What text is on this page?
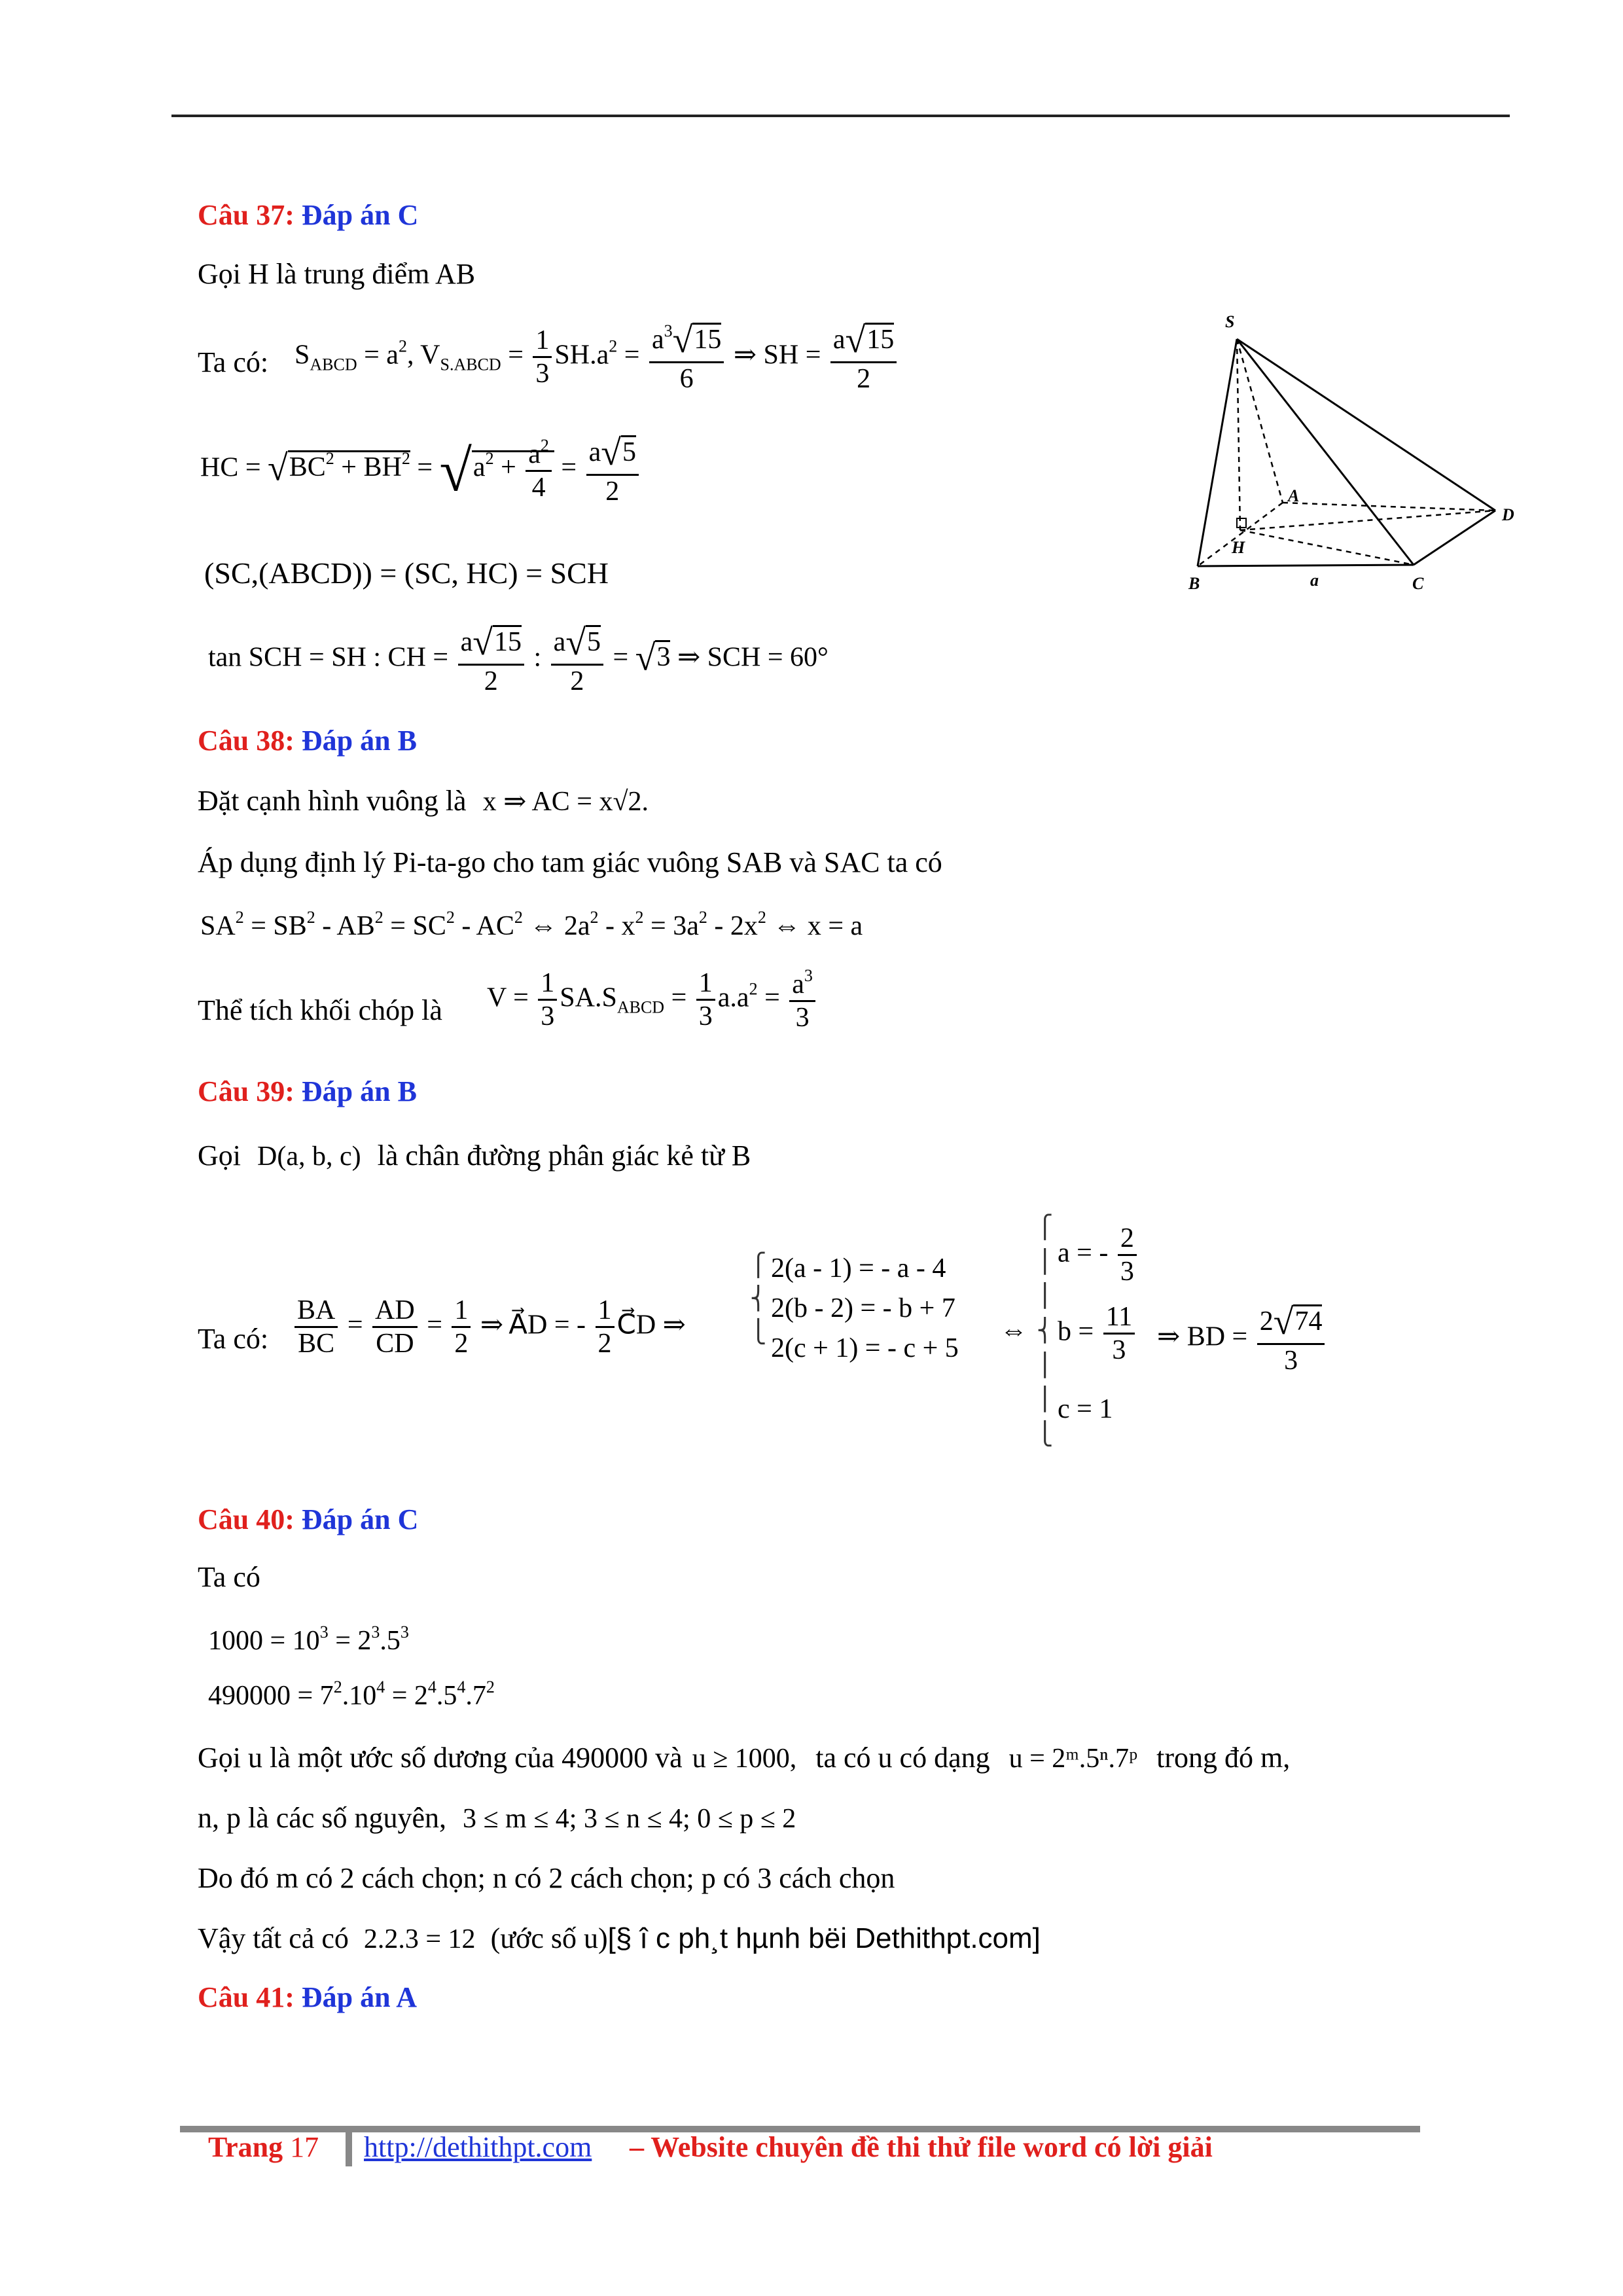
Câu 37: Đáp án C
Gọi H là trung điểm AB
Ta có: $S_{ABCD} = a^2$, $V_{S.ABCD} = \frac{1}{3} SH.a^2 = \frac{a^3√15}{6}$ ⇒ SH = $\frac{a√15}{2}$
HC = $√BC^2 + BH^2 = √a^2 + \frac{a^2}{4} = \frac{a√5}{2}$
(SC,(ABCD)) = (SC, HC) = SCH
tan SCH = SH : CH = $\frac{a√15}{2}$ : $\frac{a√5}{2} = √3$ ⇒ SCH = 60°
S
A
D
H
B	a	C
Câu 38: Đáp án B
Đặt cạnh hình vuông là x ⇒ AC = x√2.
Áp dụng định lý Pi-ta-go cho tam giác vuông SAB và SAC ta có
$SA^2 = SB^2 - AB^2 = SC^2 - AC^2$ ⇔ $2a^2 - x^2 = 3a^2 - 2x^2$ ⇔ x = a
Thể tích khối chóp là $V = \frac{1}{3} SA.S_{ABCD} = \frac{1}{3} a.a^2 = \frac{a^3}{3}$
Câu 39: Đáp án B
Gọi D(a, b, c) là chân đường phân giác kẻ từ B
Ta có: $\frac{BA}{BC} = \frac{AD}{CD} = \frac{1}{2}$ ⇒ A⃗D = - $\frac{1}{2}$ C⃗D ⇒
⎧
⎨
⎩
2(a - 1) = - a - 4
2(b - 2) = - b + 7
2(c + 1) = - c + 5
⇔
⎧
⎪
⎪
⎨
⎪
⎪
⎩
a = - $\frac{2}{3}$
$b = \frac{11}{3}$
c = 1
⇒ BD = $\frac{2√74}{3}$
Câu 40: Đáp án C
Ta có
$1000 = 10^3 = 2^3.5^3$
$490000 = 7^2.10^4 = 2^4.5^4.7^2$
Gọi u là một ước số dương của 490000 và u ≥ 1000, ta có u có dạng u = 2ᵐ.5ⁿ.7ᵖ trong đó m,
n, p là các số nguyên, 3 ≤ m ≤ 4; 3 ≤ n ≤ 4; 0 ≤ p ≤ 2
Do đó m có 2 cách chọn; n có 2 cách chọn; p có 3 cách chọn
Vậy tất cả có 2.2.3 = 12 (ước số u)[§ î c ph¸t hµnh bëi Dethithpt.com]
Câu 41: Đáp án A
Trang 17 http://dethithpt.com – Website chuyên đề thi thử file word có lời giải
